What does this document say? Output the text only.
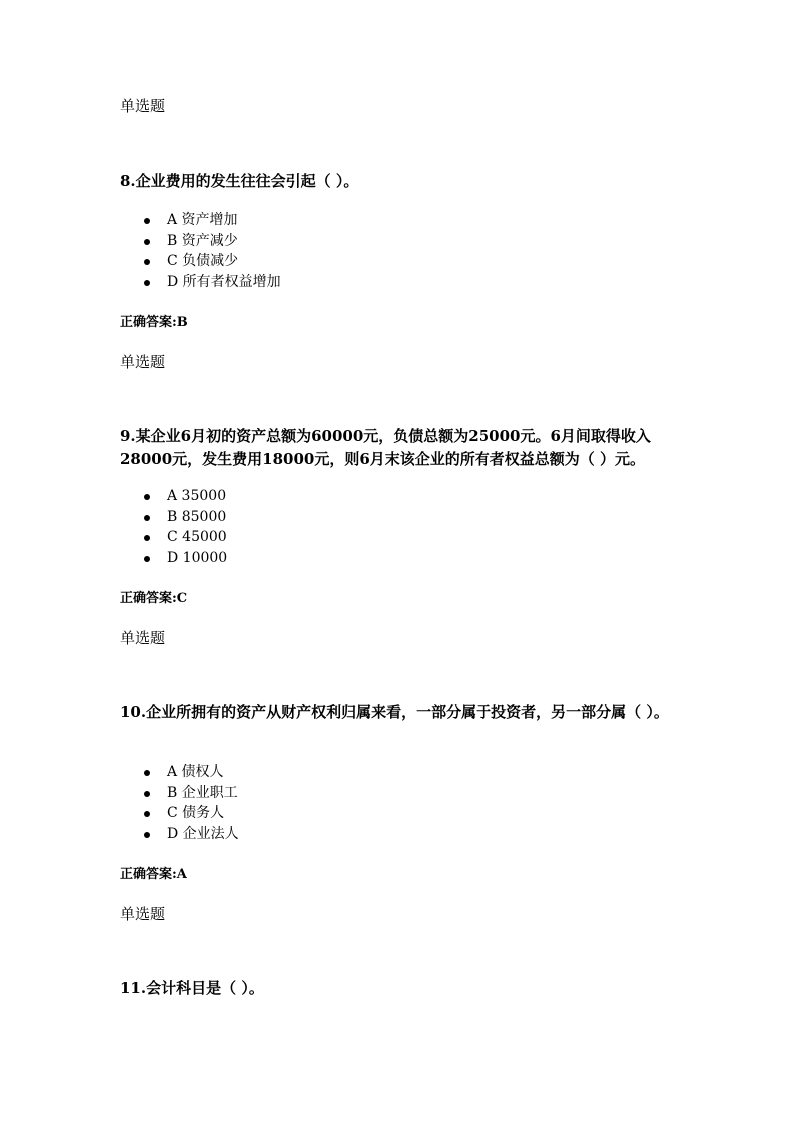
单选题
8.企业费用的发生往往会引起（ ）。
A 资产增加
B 资产减少
C 负债减少
D 所有者权益增加
正确答案:B
单选题
9.某企业6月初的资产总额为60000元，负债总额为25000元。6月间取得收入28000元，发生费用18000元，则6月末该企业的所有者权益总额为（ ）元。
A 35000
B 85000
C 45000
D 10000
正确答案:C
单选题
10.企业所拥有的资产从财产权利归属来看，一部分属于投资者，另一部分属（ ）。
A 债权人
B 企业职工
C 债务人
D 企业法人
正确答案:A
单选题
11.会计科目是（ ）。
